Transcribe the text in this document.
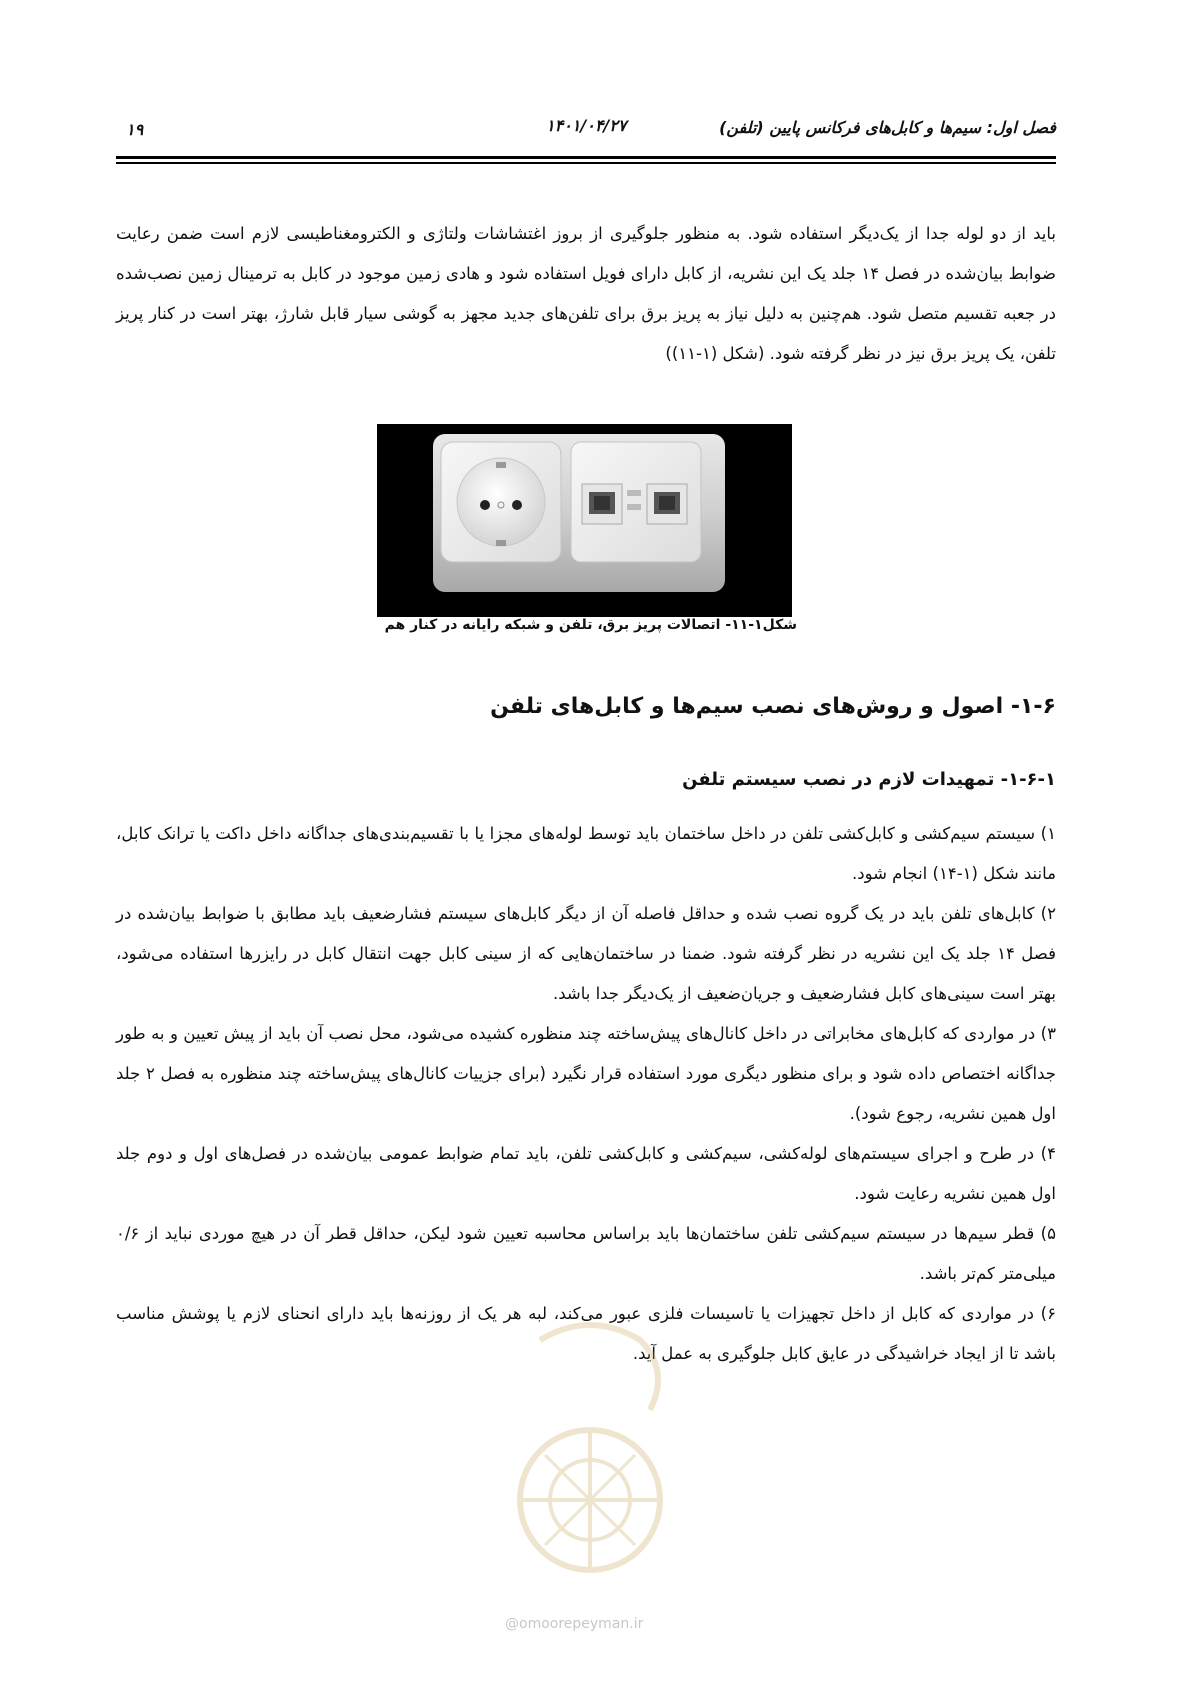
فصل اول: سیم‌ها و کابل‌های فرکانس پایین (تلفن)
۱۴۰۱/۰۴/۲۷
۱۹
باید از دو لوله جدا از یک‌دیگر استفاده شود. به منظور جلوگیری از بروز اغتشاشات ولتاژی و الکترومغناطیسی لازم است ضمن رعایت ضوابط بیان‌شده در فصل ۱۴ جلد یک این نشریه، از کابل دارای فویل استفاده شود و هادی زمین موجود در کابل به ترمینال زمین نصب‌شده در جعبه تقسیم متصل شود. هم‌چنین به دلیل نیاز به پریز برق برای تلفن‌های جدید مجهز به گوشی سیار قابل شارژ، بهتر است در کنار پریز تلفن، یک پریز برق نیز در نظر گرفته شود. (شکل (۱-۱۱))
شکل۱-۱۱- اتصالات پریز برق، تلفن و شبکه رایانه در کنار هم
۱-۶- اصول و روش‌های نصب سیم‌ها و کابل‌های تلفن
۱-۶-۱- تمهیدات لازم در نصب سیستم تلفن

۱) سیستم سیم‌کشی و کابل‌کشی تلفن در داخل ساختمان باید توسط لوله‌های مجزا یا با تقسیم‌بندی‌های جداگانه داخل داکت یا ترانک کابل، مانند شکل (۱-۱۴) انجام شود.

۲) کابل‌های تلفن باید در یک گروه نصب شده و حداقل فاصله آن از دیگر کابل‌های سیستم فشارضعیف باید مطابق با ضوابط بیان‌شده در فصل ۱۴ جلد یک این نشریه در نظر گرفته شود. ضمنا در ساختمان‌هایی که از سینی کابل جهت انتقال کابل در رایزرها استفاده می‌شود، بهتر است سینی‌های کابل فشارضعیف و جریان‌ضعیف از یک‌دیگر جدا باشد.

۳) در مواردی که کابل‌های مخابراتی در داخل کانال‌های پیش‌ساخته چند منظوره کشیده می‌شود، محل نصب آن باید از پیش تعیین و به طور جداگانه اختصاص داده شود و برای منظور دیگری مورد استفاده قرار نگیرد (برای جزییات کانال‌های پیش‌ساخته چند منظوره به فصل ۲ جلد اول همین نشریه، رجوع شود).

۴) در طرح و اجرای سیستم‌های لوله‌کشی، سیم‌کشی و کابل‌کشی تلفن، باید تمام ضوابط عمومی بیان‌شده در فصل‌های اول و دوم جلد اول همین نشریه رعایت شود.

۵) قطر سیم‌ها در سیستم سیم‌کشی تلفن ساختمان‌ها باید براساس محاسبه تعیین شود لیکن، حداقل قطر آن در هیچ موردی نباید از ۰/۶ میلی‌متر کم‌تر باشد.

۶) در مواردی که کابل از داخل تجهیزات یا تاسیسات فلزی عبور می‌کند، لبه هر یک از روزنه‌ها باید دارای انحنای لازم یا پوشش مناسب باشد تا از ایجاد خراشیدگی در عایق کابل جلوگیری به عمل آید.

@omoorepeyman.ir
